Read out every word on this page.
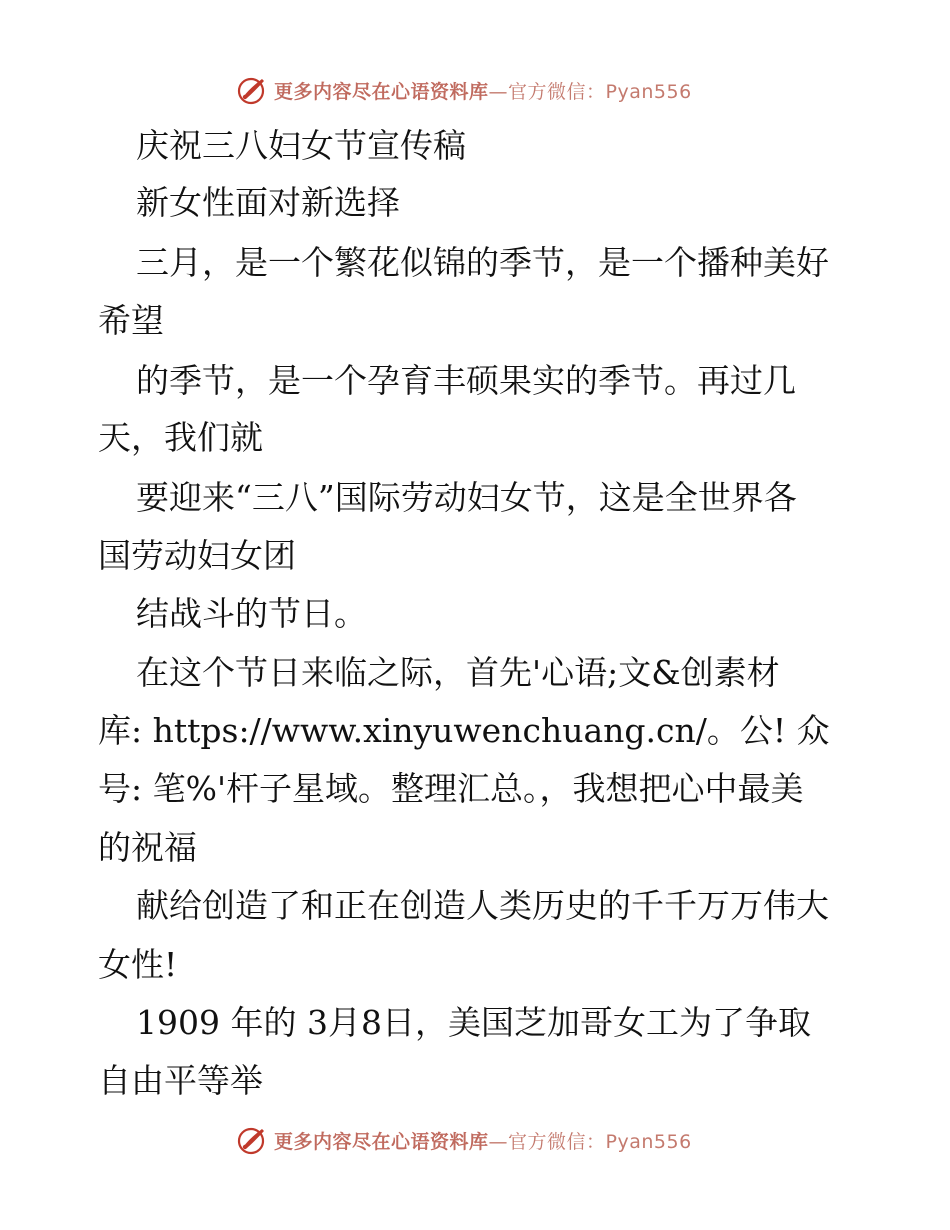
更多内容尽在心语资料库—官方微信：Pyan556
庆祝三八妇女节宣传稿
新女性面对新选择
三月，是一个繁花似锦的季节，是一个播种美好
希望
的季节，是一个孕育丰硕果实的季节。再过几
天，我们就
要迎来“三八”国际劳动妇女节，这是全世界各
国劳动妇女团
结战斗的节日。
在这个节日来临之际，首先'心语;文&创素材
库: https://www.xinyuwenchuang.cn/。公! 众
号: 笔%'杆子星域。整理汇总。，我想把心中最美
的祝福
献给创造了和正在创造人类历史的千千万万伟大
女性!
1909 年的 3月8日，美国芝加哥女工为了争取
自由平等举
更多内容尽在心语资料库—官方微信：Pyan556
